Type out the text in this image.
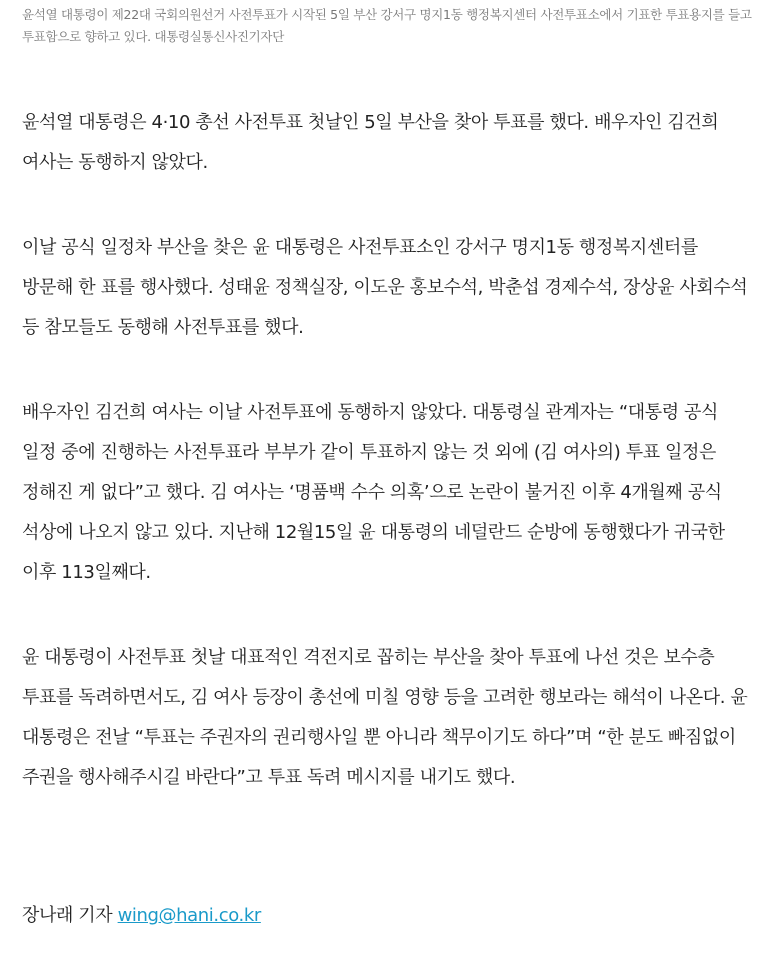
윤석열 대통령이 제22대 국회의원선거 사전투표가 시작된 5일 부산 강서구 명지1동 행정복지센터 사전투표소에서 기표한 투표용지를 들고 투표함으로 향하고 있다. 대통령실통신사진기자단

윤석열 대통령은 4·10 총선 사전투표 첫날인 5일 부산을 찾아 투표를 했다. 배우자인 김건희 여사는 동행하지 않았다.

이날 공식 일정차 부산을 찾은 윤 대통령은 사전투표소인 강서구 명지1동 행정복지센터를 방문해 한 표를 행사했다. 성태윤 정책실장, 이도운 홍보수석, 박춘섭 경제수석, 장상윤 사회수석 등 참모들도 동행해 사전투표를 했다.

배우자인 김건희 여사는 이날 사전투표에 동행하지 않았다. 대통령실 관계자는 “대통령 공식 일정 중에 진행하는 사전투표라 부부가 같이 투표하지 않는 것 외에 (김 여사의) 투표 일정은 정해진 게 없다”고 했다. 김 여사는 ‘명품백 수수 의혹’으로 논란이 불거진 이후 4개월째 공식 석상에 나오지 않고 있다. 지난해 12월15일 윤 대통령의 네덜란드 순방에 동행했다가 귀국한 이후 113일째다.

윤 대통령이 사전투표 첫날 대표적인 격전지로 꼽히는 부산을 찾아 투표에 나선 것은 보수층 투표를 독려하면서도, 김 여사 등장이 총선에 미칠 영향 등을 고려한 행보라는 해석이 나온다. 윤 대통령은 전날 “투표는 주권자의 권리행사일 뿐 아니라 책무이기도 하다”며 “한 분도 빠짐없이 주권을 행사해주시길 바란다”고 투표 독려 메시지를 내기도 했다.

장나래 기자 wing@hani.co.kr
